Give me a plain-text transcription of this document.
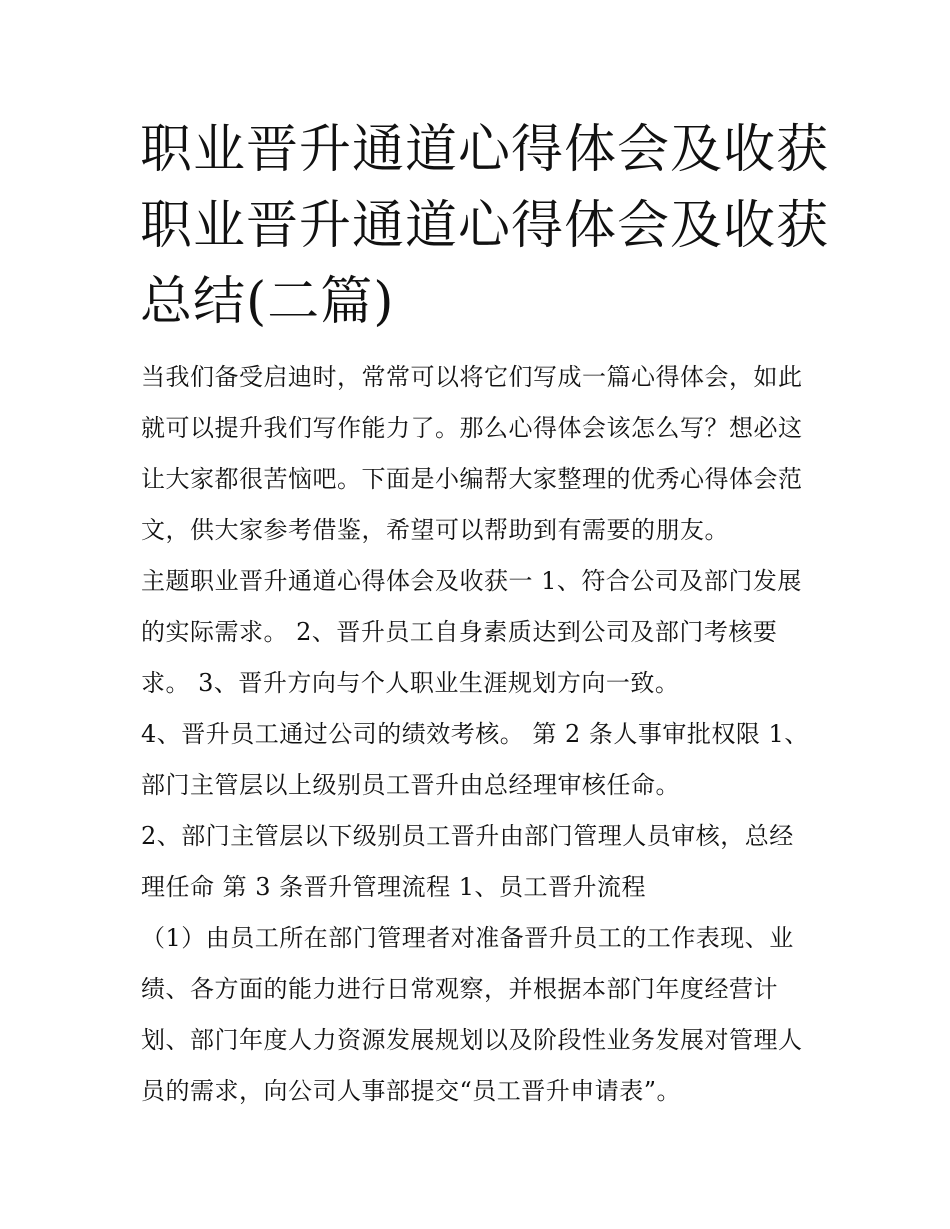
职业晋升通道心得体会及收获
职业晋升通道心得体会及收获
总结(二篇)

当我们备受启迪时，常常可以将它们写成一篇心得体会，如此
就可以提升我们写作能力了。那么心得体会该怎么写？想必这
让大家都很苦恼吧。下面是小编帮大家整理的优秀心得体会范
文，供大家参考借鉴，希望可以帮助到有需要的朋友。

主题职业晋升通道心得体会及收获一 1、符合公司及部门发展
的实际需求。 2、晋升员工自身素质达到公司及部门考核要
求。 3、晋升方向与个人职业生涯规划方向一致。

4、晋升员工通过公司的绩效考核。 第 2 条人事审批权限 1、
部门主管层以上级别员工晋升由总经理审核任命。

2、部门主管层以下级别员工晋升由部门管理人员审核，总经
理任命 第 3 条晋升管理流程 1、员工晋升流程

（1）由员工所在部门管理者对准备晋升员工的工作表现、业
绩、各方面的能力进行日常观察，并根据本部门年度经营计
划、部门年度人力资源发展规划以及阶段性业务发展对管理人
员的需求，向公司人事部提交“员工晋升申请表”。
